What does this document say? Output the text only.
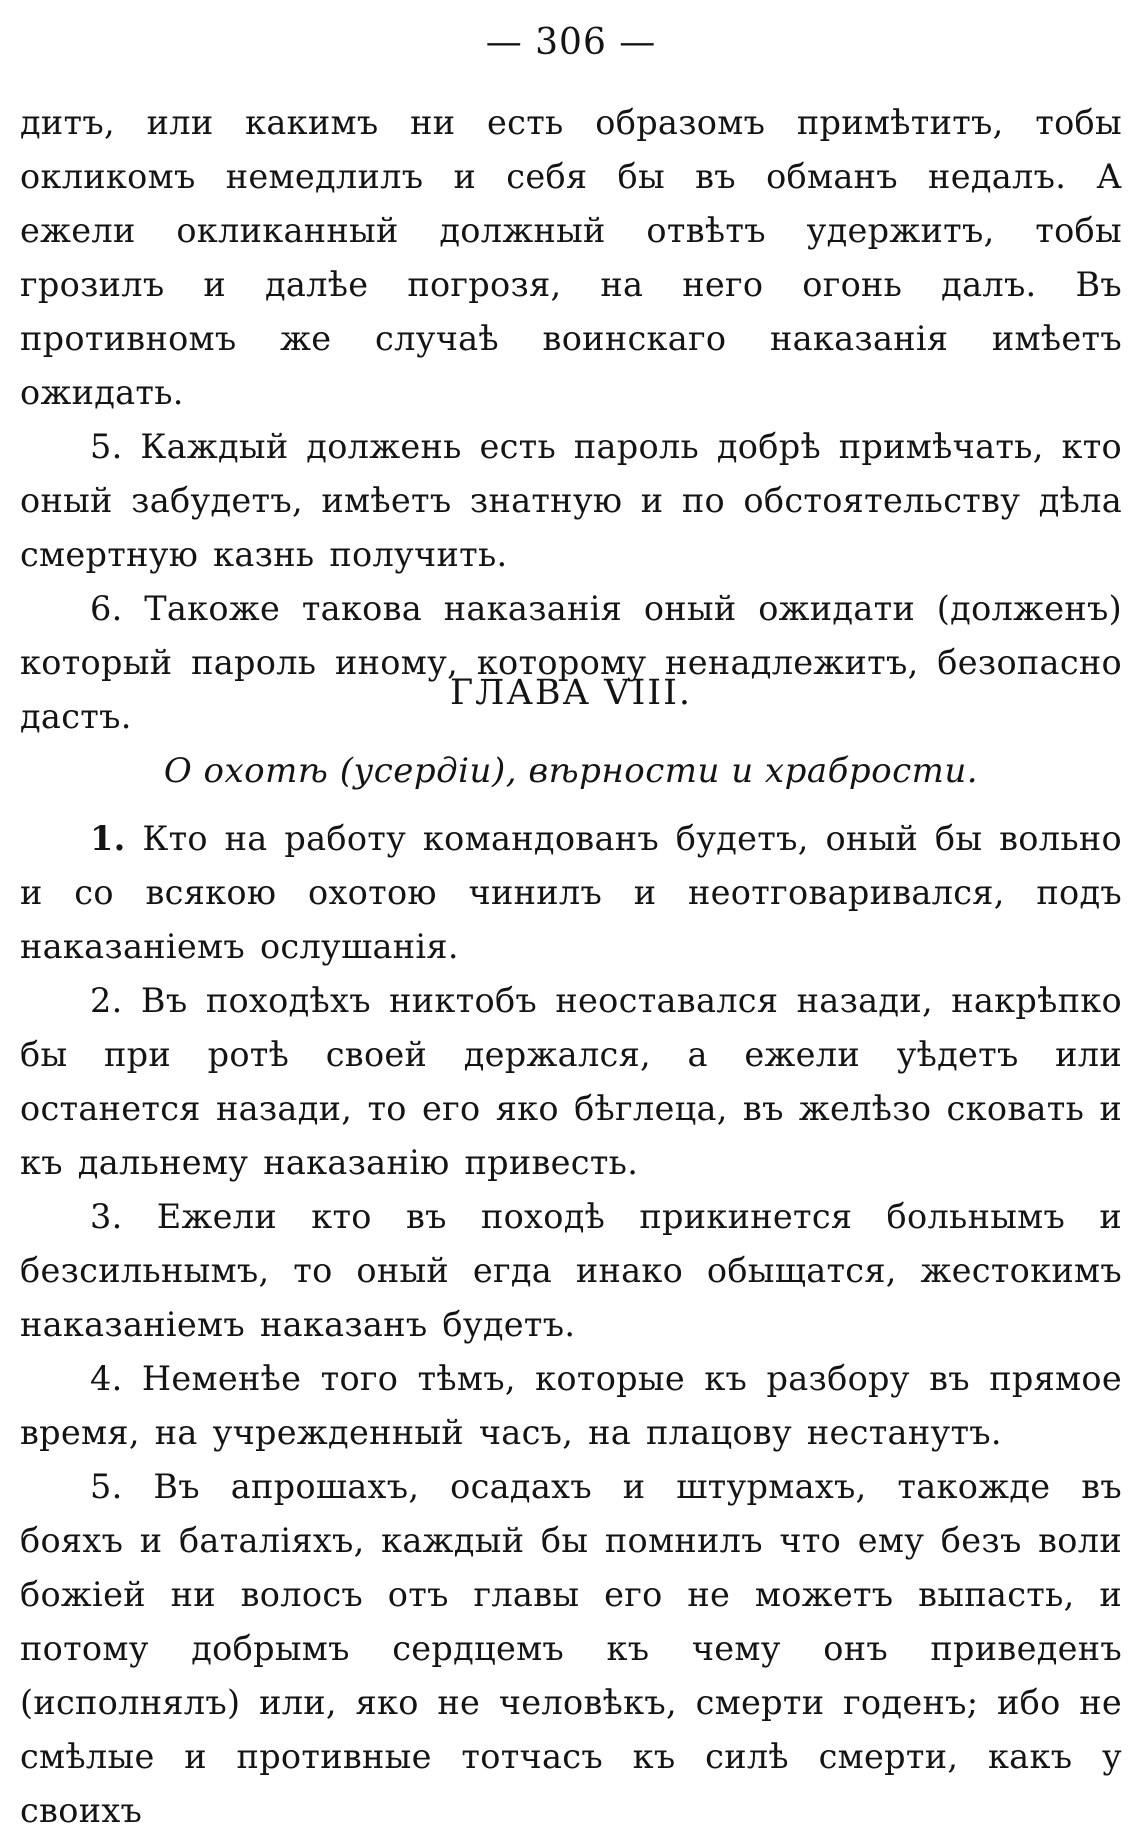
— 306 —
дитъ, или какимъ ни есть образомъ примѣтитъ, тобы окликомъ немедлилъ и себя бы въ обманъ недалъ. А ежели окликанный должный отвѣтъ удержитъ, тобы грозилъ и далѣе погрозя, на него огонь далъ. Въ противномъ же случаѣ воинскаго наказанія имѣетъ ожидать.
5. Каждый должень есть пароль добрѣ примѣчать, кто оный забудетъ, имѣетъ знатную и по обстоятельству дѣла смертную казнь получить.
6. Такоже такова наказанія оный ожидати (долженъ) который пароль иному, которому ненадлежитъ, безопасно дастъ.
ГЛАВА VIII.
О охотѣ (усердіи), вѣрности и храбрости.
1. Кто на работу командованъ будетъ, оный бы вольно и со всякою охотою чинилъ и неотговаривался, подъ наказаніемъ ослушанія.
2. Въ походѣхъ никтобъ неоставался назади, накрѣпко бы при ротѣ своей держался, а ежели уѣдетъ или останется назади, то его яко бѣглеца, въ желѣзо сковать и къ дальнему наказанію привесть.
3. Ежели кто въ походѣ прикинется больнымъ и безсильнымъ, то оный егда инако обыщатся, жестокимъ наказаніемъ наказанъ будетъ.
4. Неменѣе того тѣмъ, которые къ разбору въ прямое время, на учрежденный часъ, на плацову нестанутъ.
5. Въ апрошахъ, осадахъ и штурмахъ, такожде въ бояхъ и баталіяхъ, каждый бы помнилъ что ему безъ воли божіей ни волосъ отъ главы его не можетъ выпасть, и потому добрымъ сердцемъ къ чему онъ приведенъ (исполнялъ) или, яко не человѣкъ, смерти годенъ; ибо не смѣлые и противные тотчасъ къ силѣ смерти, какъ у своихъ
